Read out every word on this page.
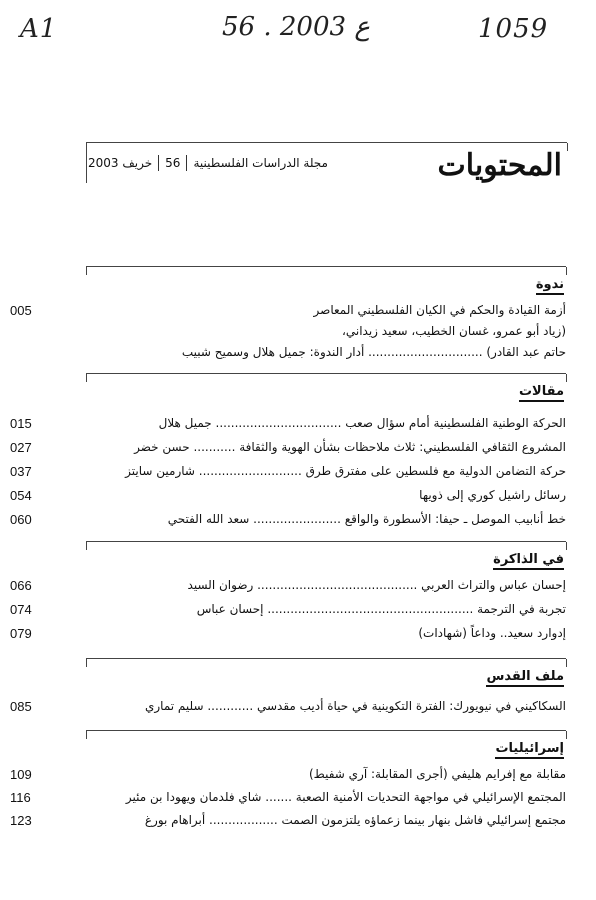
A1	56 . ع 2003	1059
المحتويات
مجلة الدراسات الفلسطينية
56
خريف 2003
ندوة
005	أزمة القيادة والحكم في الكيان الفلسطيني المعاصر
(زياد أبو عمرو، غسان الخطيب، سعيد زيداني،
حاتم عبد القادر) .............................. أدار الندوة: جميل هلال وسميح شبيب
مقالات
015	الحركة الوطنية الفلسطينية أمام سؤال صعب ................................. جميل هلال
027	المشروع الثقافي الفلسطيني: ثلاث ملاحظات بشأن الهوية والثقافة ........... حسن خضر
037	حركة التضامن الدولية مع فلسطين على مفترق طرق ........................... شارمين سايتز
054	رسائل راشيل كوري إلى ذويها
060	خط أنابيب الموصل ـ حيفا: الأسطورة والواقع ....................... سعد الله الفتحي
في الذاكرة
066	إحسان عباس والتراث العربي .......................................... رضوان السيد
074	تجربة في الترجمة ...................................................... إحسان عباس
079	إدوارد سعيد.. وداعاً (شهادات)
ملف القدس
085	السكاكيني في نيويورك: الفترة التكوينية في حياة أديب مقدسي ............ سليم تماري
إسرائيليات
109	مقابلة مع إفرايم هليفي (أجرى المقابلة: آري شفيط)
116	المجتمع الإسرائيلي في مواجهة التحديات الأمنية الصعبة ....... شاي فلدمان ويهودا بن مئير
123	مجتمع إسرائيلي فاشل بنهار بينما زعماؤه يلتزمون الصمت .................. أبراهام بورغ
